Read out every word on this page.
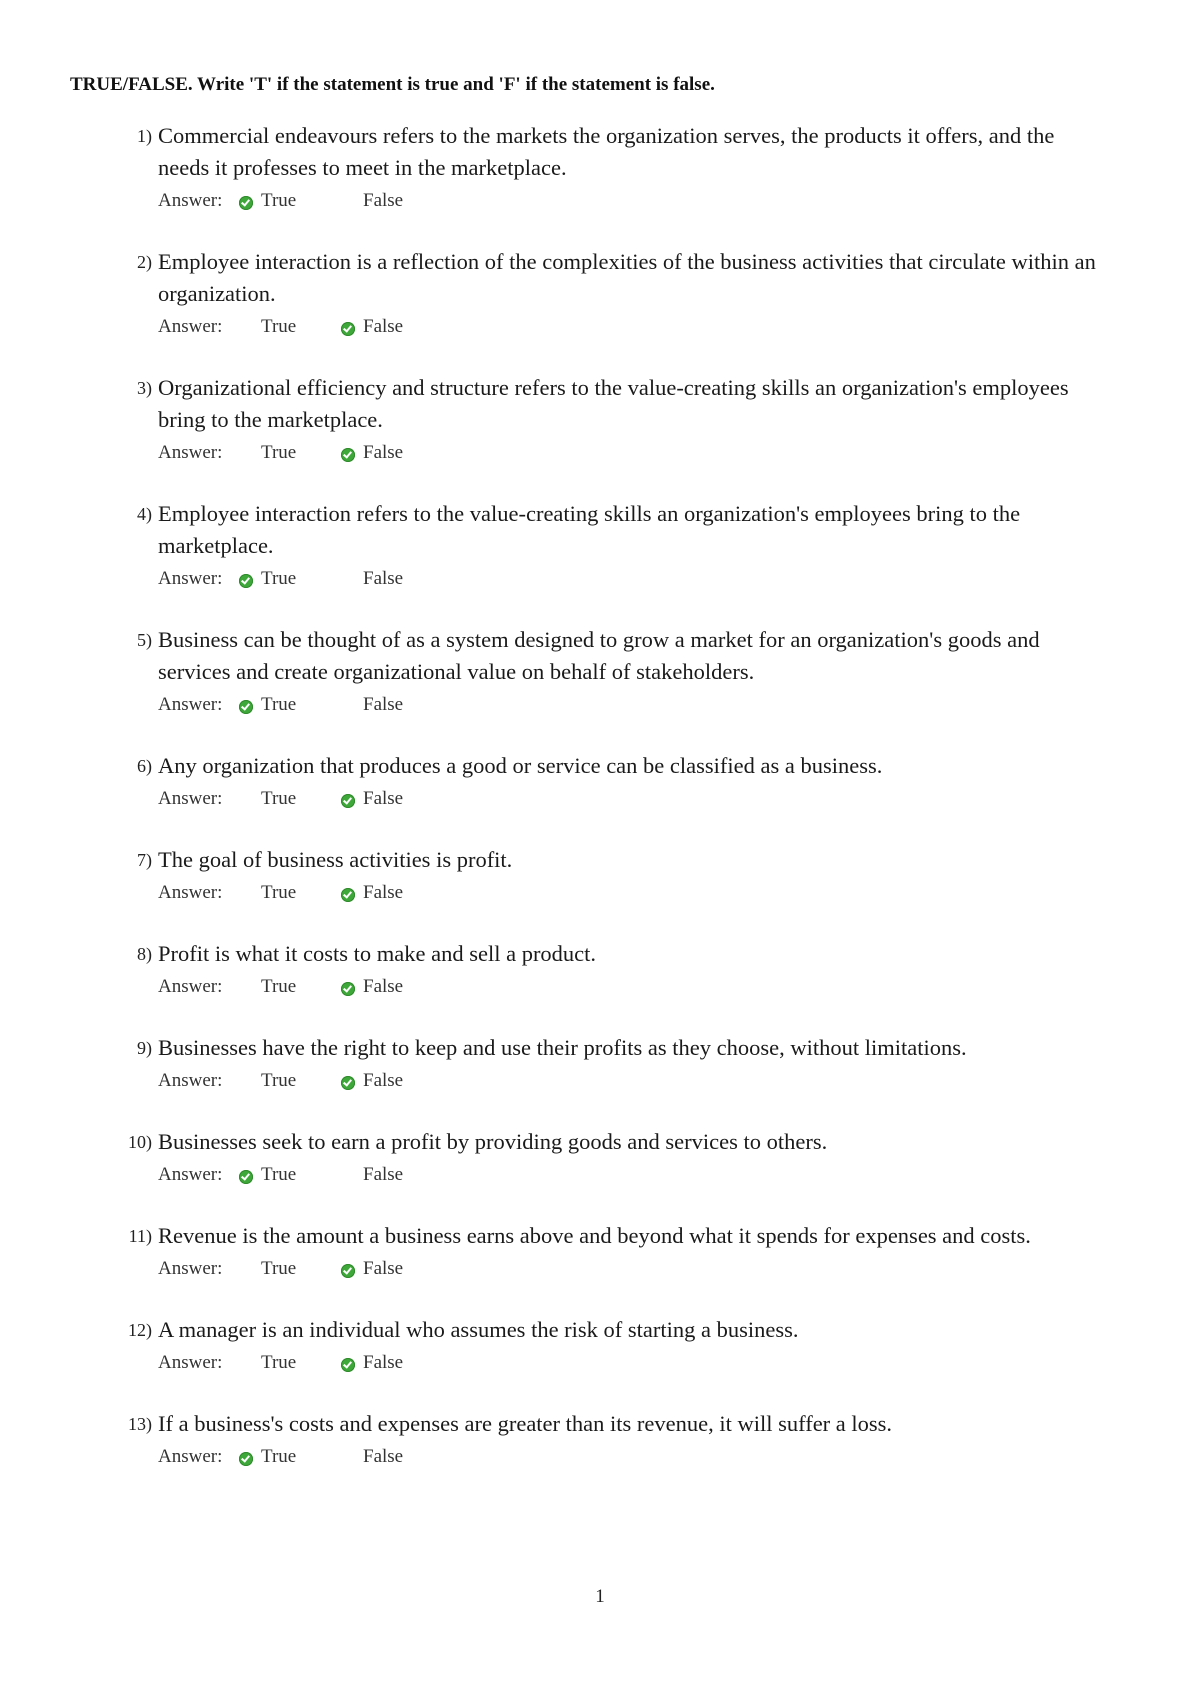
TRUE/FALSE. Write 'T' if the statement is true and 'F' if the statement is false.
1) Commercial endeavours refers to the markets the organization serves, the products it offers, and the needs it professes to meet in the marketplace.
Answer: True	False
2) Employee interaction is a reflection of the complexities of the business activities that circulate within an organization.
Answer: True	False
3) Organizational efficiency and structure refers to the value-creating skills an organization's employees bring to the marketplace.
Answer: True	False
4) Employee interaction refers to the value-creating skills an organization's employees bring to the marketplace.
Answer: True	False
5) Business can be thought of as a system designed to grow a market for an organization's goods and services and create organizational value on behalf of stakeholders.
Answer: True	False
6) Any organization that produces a good or service can be classified as a business.
Answer: True	False
7) The goal of business activities is profit.
Answer: True	False
8) Profit is what it costs to make and sell a product.
Answer: True	False
9) Businesses have the right to keep and use their profits as they choose, without limitations.
Answer: True	False
10) Businesses seek to earn a profit by providing goods and services to others.
Answer: True	False
11) Revenue is the amount a business earns above and beyond what it spends for expenses and costs.
Answer: True	False
12) A manager is an individual who assumes the risk of starting a business.
Answer: True	False
13) If a business's costs and expenses are greater than its revenue, it will suffer a loss.
Answer: True	False
1
